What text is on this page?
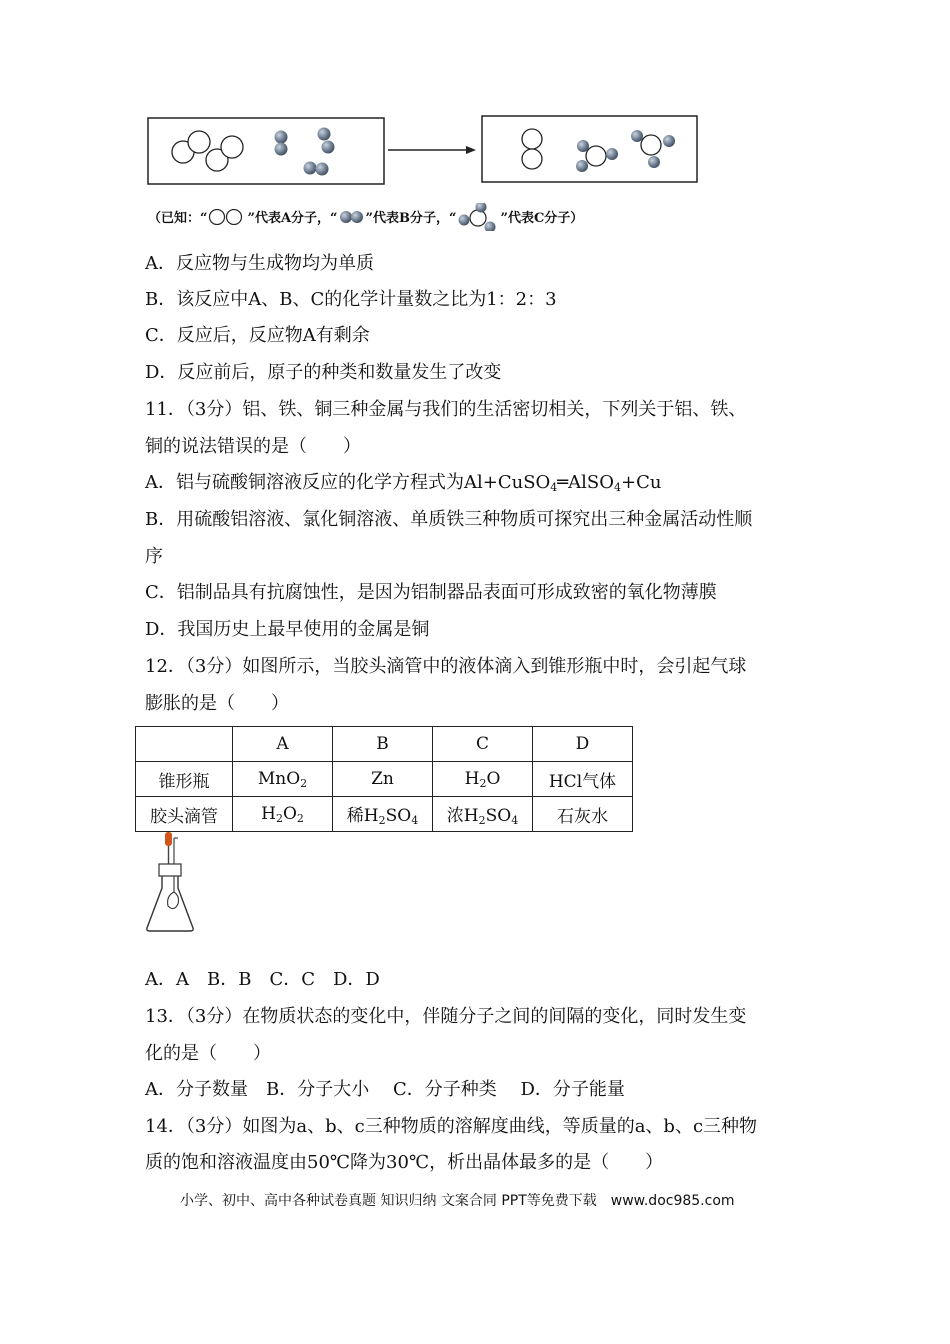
（已知：“	”代表A分子，“ ”代表B分子，“	”代表C分子）
A．反应物与生成物均为单质
B．该反应中A、B、C的化学计量数之比为1：2：3
C．反应后，反应物A有剩余
D．反应前后，原子的种类和数量发生了改变
11．（3分）铝、铁、铜三种金属与我们的生活密切相关，下列关于铝、铁、
铜的说法错误的是（　　）
A．铝与硫酸铜溶液反应的化学方程式为Al+CuSO$_4$═AlSO$_4$+Cu
B．用硫酸铝溶液、氯化铜溶液、单质铁三种物质可探究出三种金属活动性顺
序
C．铝制品具有抗腐蚀性，是因为铝制器品表面可形成致密的氧化物薄膜
D．我国历史上最早使用的金属是铜
12．（3分）如图所示，当胶头滴管中的液体滴入到锥形瓶中时，会引起气球
膨胀的是（　　）
	A	B	C	D
锥形瓶	MnO$_2$	Zn	$H_2O$	HCl气体
胶头滴管	$H_2O_2$	稀$H_2SO_4$	浓$H_2SO_4$	石灰水
A．A　B．B　C．C　D．D
13．（3分）在物质状态的变化中，伴随分子之间的间隔的变化，同时发生变
化的是（　　）
A．分子数量　B．分子大小　 C．分子种类　 D．分子能量
14．（3分）如图为a、b、c三种物质的溶解度曲线，等质量的a、b、c三种物
质的饱和溶液温度由50℃降为30℃，析出晶体最多的是（　　）
小学、初中、高中各种试卷真题 知识归纳 文案合同 PPT等免费下载　www.doc985.com
